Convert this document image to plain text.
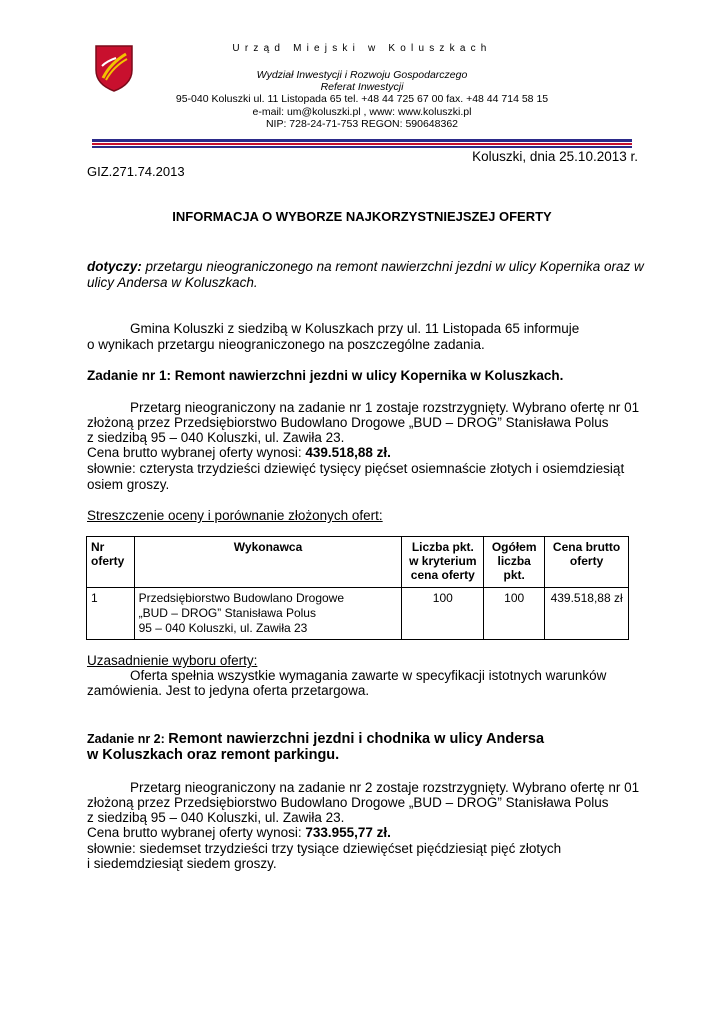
Urząd Miejski w Koluszkach
Wydział Inwestycji i Rozwoju Gospodarczego
Referat Inwestycji
95-040 Koluszki ul. 11 Listopada 65 tel. +48 44 725 67 00 fax. +48 44 714 58 15
e-mail: um@koluszki.pl , www: www.koluszki.pl
NIP: 728-24-71-753 REGON: 590648362
Koluszki, dnia 25.10.2013 r.
GIZ.271.74.2013
INFORMACJA O WYBORZE NAJKORZYSTNIEJSZEJ OFERTY
dotyczy: przetargu nieograniczonego na remont nawierzchni jezdni w ulicy Kopernika oraz w ulicy Andersa w Koluszkach.
Gmina Koluszki z siedzibą w Koluszkach przy ul. 11 Listopada 65 informuje
o wynikach przetargu nieograniczonego na poszczególne zadania.
Zadanie nr 1: Remont nawierzchni jezdni w ulicy Kopernika w Koluszkach.
Przetarg nieograniczony na zadanie nr 1 zostaje rozstrzygnięty. Wybrano ofertę nr 01
złożoną przez Przedsiębiorstwo Budowlano Drogowe „BUD – DROG” Stanisława Polus
z siedzibą 95 – 040 Koluszki, ul. Zawiła 23.
Cena brutto wybranej oferty wynosi: 439.518,88 zł.
słownie: czterysta trzydzieści dziewięć tysięcy pięćset osiemnaście złotych i osiemdziesiąt osiem groszy.
Streszczenie oceny i porównanie złożonych ofert:
Nr oferty	Wykonawca	Liczba pkt. w kryterium cena oferty	Ogółem liczba pkt.	Cena brutto oferty
1	Przedsiębiorstwo Budowlano Drogowe
„BUD – DROG” Stanisława Polus
95 – 040 Koluszki, ul. Zawiła 23	100	100	439.518,88 zł
Uzasadnienie wyboru oferty:
Oferta spełnia wszystkie wymagania zawarte w specyfikacji istotnych warunków
zamówienia. Jest to jedyna oferta przetargowa.
Zadanie nr 2: Remont nawierzchni jezdni i chodnika w ulicy Andersa
w Koluszkach oraz remont parkingu.
Przetarg nieograniczony na zadanie nr 2 zostaje rozstrzygnięty. Wybrano ofertę nr 01
złożoną przez Przedsiębiorstwo Budowlano Drogowe „BUD – DROG” Stanisława Polus
z siedzibą 95 – 040 Koluszki, ul. Zawiła 23.
Cena brutto wybranej oferty wynosi: 733.955,77 zł.
słownie: siedemset trzydzieści trzy tysiące dziewięćset pięćdziesiąt pięć złotych
i siedemdziesiąt siedem groszy.
